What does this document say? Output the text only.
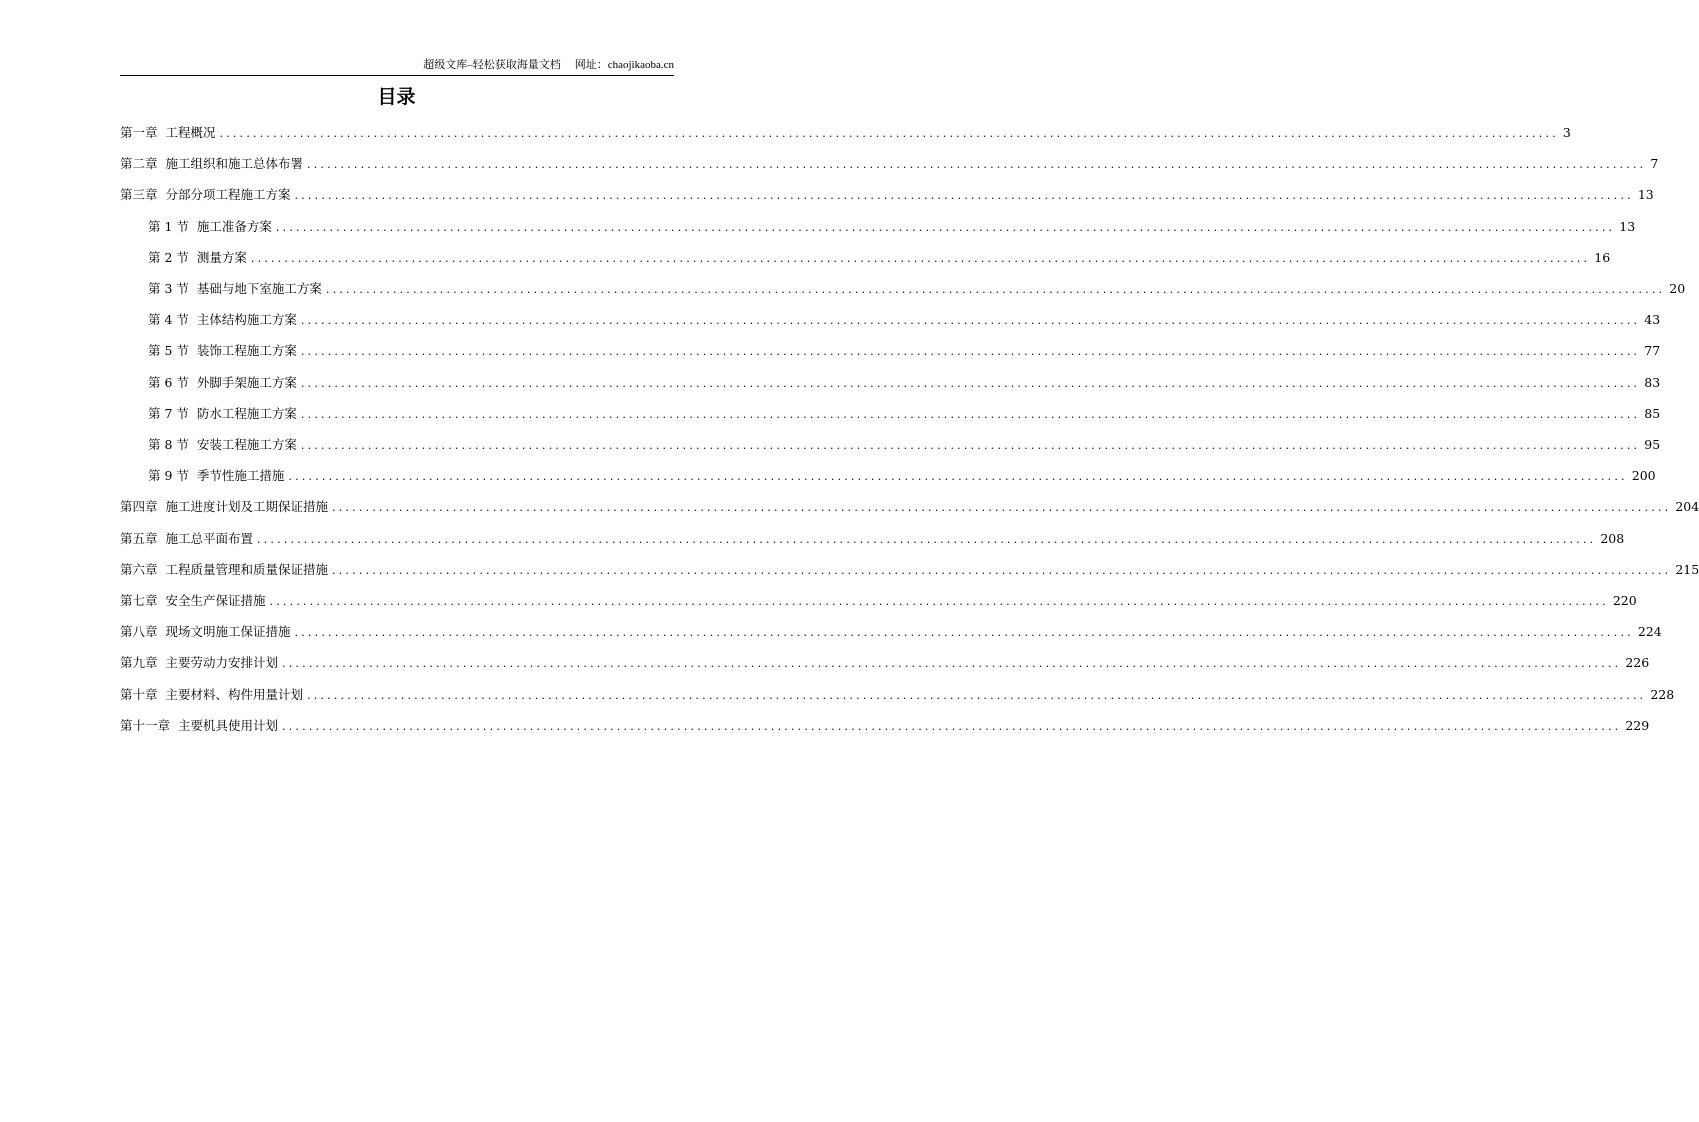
超级文库–轻松获取海量文档 网址：chaojikaoba.cn
目录
第一章 工程概况 ........................................................................................................................................................................................................ 3
第二章 施工组织和施工总体布署 ........................................................................................................................................................................................................ 7
第三章 分部分项工程施工方案 ........................................................................................................................................................................................................ 13
第 1 节 施工准备方案 ........................................................................................................................................................................................................ 13
第 2 节 测量方案 ........................................................................................................................................................................................................ 16
第 3 节 基础与地下室施工方案 ........................................................................................................................................................................................................ 20
第 4 节 主体结构施工方案 ........................................................................................................................................................................................................ 43
第 5 节 装饰工程施工方案 ........................................................................................................................................................................................................ 77
第 6 节 外脚手架施工方案 ........................................................................................................................................................................................................ 83
第 7 节 防水工程施工方案 ........................................................................................................................................................................................................ 85
第 8 节 安装工程施工方案 ........................................................................................................................................................................................................ 95
第 9 节 季节性施工措施 ........................................................................................................................................................................................................ 200
第四章 施工进度计划及工期保证措施 ........................................................................................................................................................................................................ 204
第五章 施工总平面布置 ........................................................................................................................................................................................................ 208
第六章 工程质量管理和质量保证措施 ........................................................................................................................................................................................................ 215
第七章 安全生产保证措施 ........................................................................................................................................................................................................ 220
第八章 现场文明施工保证措施 ........................................................................................................................................................................................................ 224
第九章 主要劳动力安排计划 ........................................................................................................................................................................................................ 226
第十章 主要材料、构件用量计划 ........................................................................................................................................................................................................ 228
第十一章 主要机具使用计划 ........................................................................................................................................................................................................ 229
